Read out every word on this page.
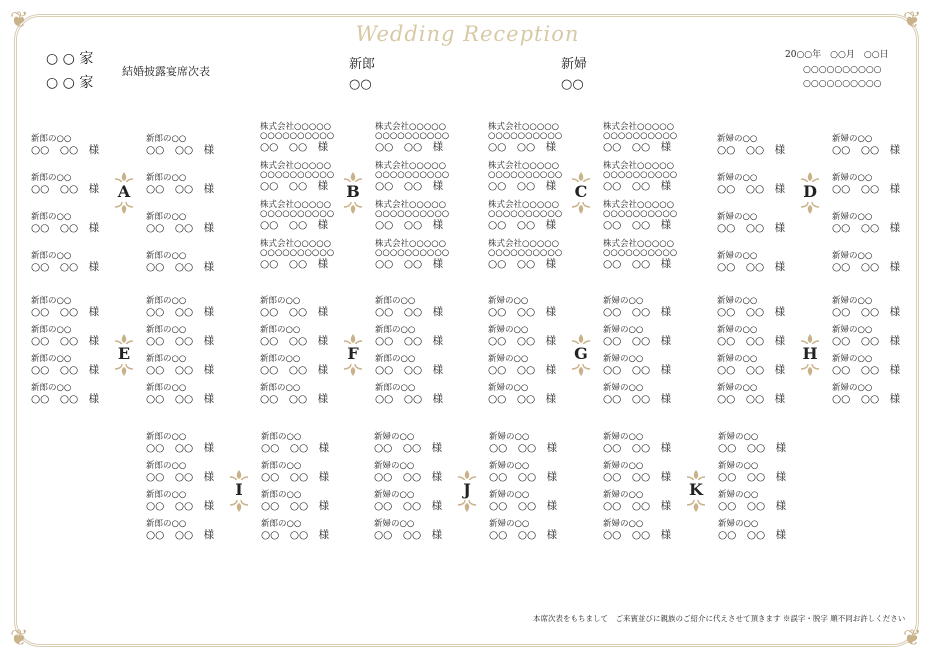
❦	❦
❦	❦
Wedding Reception
○ ○ 家
○ ○ 家
結婚披露宴席次表	新郎
○○
新婦
○○
20○○年　○○月　○○日
○○○○○○○○○○
○○○○○○○○○○
新郎の○○
○○　○○　様
新郎の○○
○○　○○　様
新郎の○○
○○　○○　様
新郎の○○
○○　○○　様
新郎の○○
○○　○○　様
新郎の○○
○○　○○　様
新郎の○○
○○　○○　様
新郎の○○
○○　○○　様
A
株式会社○○○○○
○○○○○○○○○○
○○　○○　様
株式会社○○○○○
○○○○○○○○○○
○○　○○　様
株式会社○○○○○
○○○○○○○○○○
○○　○○　様
株式会社○○○○○
○○○○○○○○○○
○○　○○　様
株式会社○○○○○
○○○○○○○○○○
○○　○○　様
株式会社○○○○○
○○○○○○○○○○
○○　○○　様
株式会社○○○○○
○○○○○○○○○○
○○　○○　様
株式会社○○○○○
○○○○○○○○○○
○○　○○　様
B
株式会社○○○○○
○○○○○○○○○○
○○　○○　様
株式会社○○○○○
○○○○○○○○○○
○○　○○　様
株式会社○○○○○
○○○○○○○○○○
○○　○○　様
株式会社○○○○○
○○○○○○○○○○
○○　○○　様
株式会社○○○○○
○○○○○○○○○○
○○　○○　様
株式会社○○○○○
○○○○○○○○○○
○○　○○　様
株式会社○○○○○
○○○○○○○○○○
○○　○○　様
株式会社○○○○○
○○○○○○○○○○
○○　○○　様
C
新婦の○○
○○　○○　様
新婦の○○
○○　○○　様
新婦の○○
○○　○○　様
新婦の○○
○○　○○　様
新婦の○○
○○　○○　様
新婦の○○
○○　○○　様
新婦の○○
○○　○○　様
新婦の○○
○○　○○　様
D
新郎の○○
○○　○○　様
新郎の○○
○○　○○　様
新郎の○○
○○　○○　様
新郎の○○
○○　○○　様
新郎の○○
○○　○○　様
新郎の○○
○○　○○　様
新郎の○○
○○　○○　様
新郎の○○
○○　○○　様
E
新郎の○○
○○　○○　様
新郎の○○
○○　○○　様
新郎の○○
○○　○○　様
新郎の○○
○○　○○　様
新郎の○○
○○　○○　様
新郎の○○
○○　○○　様
新郎の○○
○○　○○　様
新郎の○○
○○　○○　様
F
新婦の○○
○○　○○　様
新婦の○○
○○　○○　様
新婦の○○
○○　○○　様
新婦の○○
○○　○○　様
新婦の○○
○○　○○　様
新婦の○○
○○　○○　様
新婦の○○
○○　○○　様
新婦の○○
○○　○○　様
G
新婦の○○
○○　○○　様
新婦の○○
○○　○○　様
新婦の○○
○○　○○　様
新婦の○○
○○　○○　様
新婦の○○
○○　○○　様
新婦の○○
○○　○○　様
新婦の○○
○○　○○　様
新婦の○○
○○　○○　様
H
新郎の○○
○○　○○　様
新郎の○○
○○　○○　様
新郎の○○
○○　○○　様
新郎の○○
○○　○○　様
新郎の○○
○○　○○　様
新郎の○○
○○　○○　様
新郎の○○
○○　○○　様
新郎の○○
○○　○○　様
I
新婦の○○
○○　○○　様
新婦の○○
○○　○○　様
新婦の○○
○○　○○　様
新婦の○○
○○　○○　様
新婦の○○
○○　○○　様
新婦の○○
○○　○○　様
新婦の○○
○○　○○　様
新婦の○○
○○　○○　様
J
新婦の○○
○○　○○　様
新婦の○○
○○　○○　様
新婦の○○
○○　○○　様
新婦の○○
○○　○○　様
新婦の○○
○○　○○　様
新婦の○○
○○　○○　様
新婦の○○
○○　○○　様
新婦の○○
○○　○○　様
K
本席次表をもちまして　ご来賓並びに親族のご紹介に代えさせて頂きます ※誤字・脱字 順不同お許しください
